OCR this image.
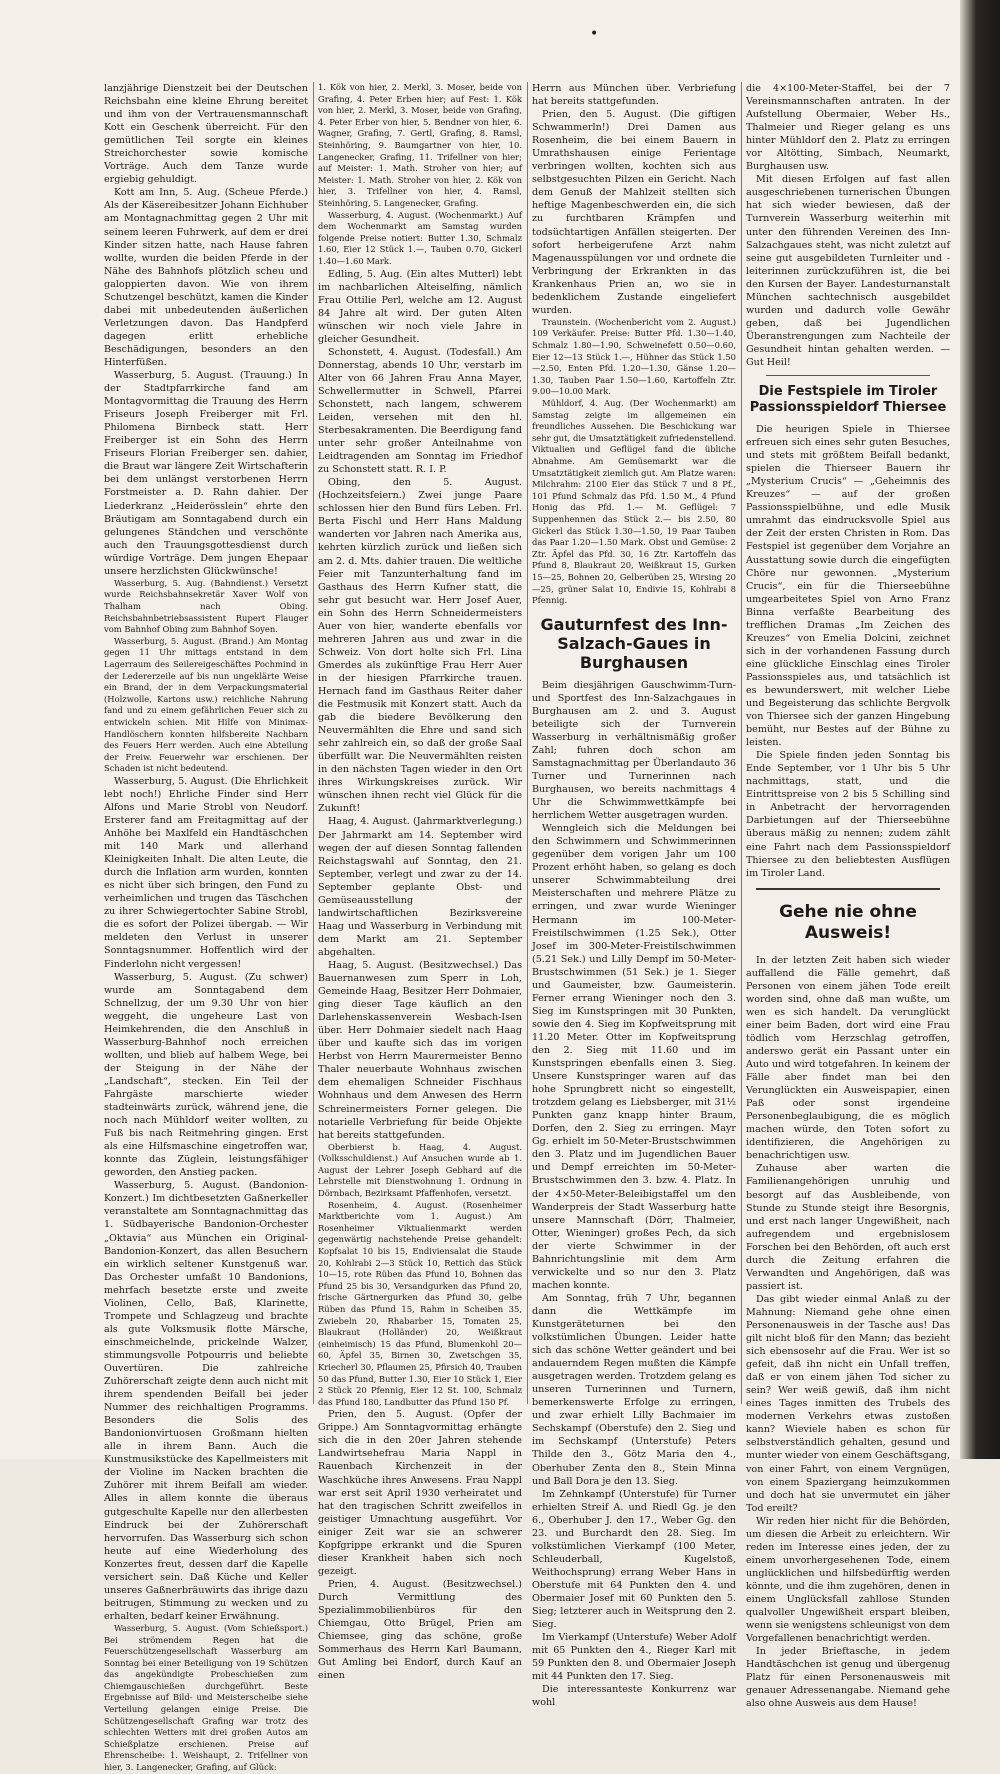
•

lanzjährige Dienstzeit bei der Deutschen Reichsbahn eine kleine Ehrung bereitet und ihm von der Vertrauensmannschaft Kott ein Geschenk überreicht. Für den gemütlichen Teil sorgte ein kleines Streichorchester sowie komische Vorträge. Auch dem Tanze wurde ergiebig gehuldigt.

Kott am Inn, 5. Aug. (Scheue Pferde.) Als der Käsereibesitzer Johann Eichhuber am Montagnachmittag gegen 2 Uhr mit seinem leeren Fuhrwerk, auf dem er drei Kinder sitzen hatte, nach Hause fahren wollte, wurden die beiden Pferde in der Nähe des Bahnhofs plötzlich scheu und galoppierten davon. Wie von ihrem Schutzengel beschützt, kamen die Kinder dabei mit unbedeutenden äußerlichen Verletzungen davon. Das Handpferd dagegen erlitt erhebliche Beschädigungen, besonders an den Hinterfüßen.

Wasserburg, 5. August. (Trauung.) In der Stadtpfarrkirche fand am Montagvormittag die Trauung des Herrn Friseurs Joseph Freiberger mit Frl. Philomena Birnbeck statt. Herr Freiberger ist ein Sohn des Herrn Friseurs Florian Freiberger sen. dahier, die Braut war längere Zeit Wirtschafterin bei dem unlängst verstorbenen Herrn Forstmeister a. D. Rahn dahier. Der Liederkranz „Heiderösslein“ ehrte den Bräutigam am Sonntagabend durch ein gelungenes Ständchen und verschönte auch den Trauungsgottesdienst durch würdige Vorträge. Dem jungen Ehepaar unsere herzlichsten Glückwünsche!

Wasserburg, 5. Aug. (Bahndienst.) Versetzt wurde Reichsbahnsekretär Xaver Wolf von Thalham nach Obing. Reichsbahnbetriebsassistent Rupert Flauger vom Bahnhof Obing zum Bahnhof Soyen.

Wasserburg, 5. August. (Brand.) Am Montag gegen 11 Uhr mittags entstand in dem Lagerraum des Seilereigeschäftes Pochmind in der Ledererzeile auf bis nun ungeklärte Weise ein Brand, der in dem Verpackungsmaterial (Holzwolle, Kartons usw.) reichliche Nahrung fand und zu einem gefährlichen Feuer sich zu entwickeln schien. Mit Hilfe von Minimax-Handlöschern konnten hilfsbereite Nachbarn des Feuers Herr werden. Auch eine Abteilung der Freiw. Feuerwehr war erschienen. Der Schaden ist nicht bedeutend.

Wasserburg, 5. August. (Die Ehrlichkeit lebt noch!) Ehrliche Finder sind Herr Alfons und Marie Strobl von Neudorf. Ersterer fand am Freitagmittag auf der Anhöhe bei Maxlfeld ein Handtäschchen mit 140 Mark und allerhand Kleinigkeiten Inhalt. Die alten Leute, die durch die Inflation arm wurden, konnten es nicht über sich bringen, den Fund zu verheimlichen und trugen das Täschchen zu ihrer Schwiegertochter Sabine Strobl, die es sofort der Polizei übergab. — Wir meldeten den Verlust in unserer Sonntagsnummer. Hoffentlich wird der Finderlohn nicht vergessen!

Wasserburg, 5. August. (Zu schwer) wurde am Sonntagabend dem Schnellzug, der um 9.30 Uhr von hier weggeht, die ungeheure Last von Heimkehrenden, die den Anschluß in Wasserburg-Bahnhof noch erreichen wollten, und blieb auf halbem Wege, bei der Steigung in der Nähe der „Landschaft“, stecken. Ein Teil der Fahrgäste marschierte wieder stadteinwärts zurück, während jene, die noch nach Mühldorf weiter wollten, zu Fuß bis nach Reitmehring gingen. Erst als eine Hilfsmaschine eingetroffen war, konnte das Züglein, leistungsfähiger geworden, den Anstieg packen.

Wasserburg, 5. August. (Bandonion-Konzert.) Im dichtbesetzten Gaßnerkeller veranstaltete am Sonntagnachmittag das 1. Südbayerische Bandonion-Orchester „Oktavia“ aus München ein Original-Bandonion-Konzert, das allen Besuchern ein wirklich seltener Kunstgenuß war. Das Orchester umfaßt 10 Bandonions, mehrfach besetzte erste und zweite Violinen, Cello, Baß, Klarinette, Trompete und Schlagzeug und brachte als gute Volksmusik flotte Märsche, einschmeichelnde, prickelnde Walzer, stimmungsvolle Potpourris und beliebte Ouvertüren. Die zahlreiche Zuhörerschaft zeigte denn auch nicht mit ihrem spendenden Beifall bei jeder Nummer des reichhaltigen Programms. Besonders die Solis des Bandonionvirtuosen Großmann hielten alle in ihrem Bann. Auch die Kunstmusikstücke des Kapellmeisters mit der Violine im Nacken brachten die Zuhörer mit ihrem Beifall am wieder. Alles in allem konnte die überaus gutgeschulte Kapelle nur den allerbesten Eindruck bei der Zuhörerschaft hervorrufen. Das Wasserburg sich schon heute auf eine Wiederholung des Konzertes freut, dessen darf die Kapelle versichert sein. Daß Küche und Keller unseres Gaßnerbräuwirts das ihrige dazu beitrugen, Stimmung zu wecken und zu erhalten, bedarf keiner Erwähnung.

Wasserburg, 5. August. (Vom Schießsport.) Bei strömendem Regen hat die Feuerschützengesellschaft Wasserburg am Sonntag bei einer Beteiligung von 19 Schützen das angekündigte Probeschießen zum Chiemgauschießen durchgeführt. Beste Ergebnisse auf Bild- und Meisterscheibe siehe Verteilung gelangen einige Preise. Die Schützengesellschaft Grafing war trotz des schlechten Wetters mit drei großen Autos am Schießplatze erschienen. Preise auf Ehrenscheibe: 1. Weishaupt, 2. Trifellner von hier, 3. Langenecker, Grafing, auf Glück:

1. Kök von hier, 2. Merkl, 3. Moser, beide von Grafing, 4. Peter Erben hier; auf Fest: 1. Kök von hier, 2. Merkl, 3. Moser, beide von Grafing, 4. Peter Erber von hier, 5. Bendner von hier, 6. Wagner, Grafing, 7. Gertl, Grafing, 8. Ramsl, Steinhöring, 9. Baumgartner von hier, 10. Langenecker, Grafing, 11. Trifellner von hier; auf Meister: 1. Math. Stroher von hier; auf Meister: 1. Math. Stroher von hier, 2. Kök von hier, 3. Trifellner von hier, 4. Ramsl, Steinhöring, 5. Langenecker, Grafing.

Wasserburg, 4. August. (Wochenmarkt.) Auf dem Wochenmarkt am Samstag wurden folgende Preise notiert: Butter 1.30, Schmalz 1.60, Eier 12 Stück 1.—, Tauben 0.70, Gickerl 1.40—1.60 Mark.

Edling, 5. Aug. (Ein altes Mutterl) lebt im nachbarlichen Alteiselfing, nämlich Frau Ottilie Perl, welche am 12. August 84 Jahre alt wird. Der guten Alten wünschen wir noch viele Jahre in gleicher Gesundheit.

Schonstett, 4. August. (Todesfall.) Am Donnerstag, abends 10 Uhr, verstarb im Alter von 66 Jahren Frau Anna Mayer, Schwellermutter in Schwell, Pfarrei Schonstett, nach langem, schwerem Leiden, versehen mit den hl. Sterbesakramenten. Die Beerdigung fand unter sehr großer Anteilnahme von Leidtragenden am Sonntag im Friedhof zu Schonstett statt. R. I. P.

Obing, den 5. August. (Hochzeitsfeiern.) Zwei junge Paare schlossen hier den Bund fürs Leben. Frl. Berta Fischl und Herr Hans Maldung wanderten vor Jahren nach Amerika aus, kehrten kürzlich zurück und ließen sich am 2. d. Mts. dahier trauen. Die weltliche Feier mit Tanzunterhaltung fand im Gasthaus des Herrn Kufner statt, die sehr gut besucht war. Herr Josef Auer, ein Sohn des Herrn Schneidermeisters Auer von hier, wanderte ebenfalls vor mehreren Jahren aus und zwar in die Schweiz. Von dort holte sich Frl. Lina Gmerdes als zukünftige Frau Herr Auer in der hiesigen Pfarrkirche trauen. Hernach fand im Gasthaus Reiter daher die Festmusik mit Konzert statt. Auch da gab die biedere Bevölkerung den Neuvermählten die Ehre und sand sich sehr zahlreich ein, so daß der große Saal überfüllt war. Die Neuvermählten reisten in den nächsten Tagen wieder in den Ort ihres Wirkungskreises zurück. Wir wünschen ihnen recht viel Glück für die Zukunft!

Haag, 4. August. (Jahrmarktverlegung.) Der Jahrmarkt am 14. September wird wegen der auf diesen Sonntag fallenden Reichstagswahl auf Sonntag, den 21. September, verlegt und zwar zu der 14. September geplante Obst- und Gemüseausstellung der landwirtschaftlichen Bezirksvereine Haag und Wasserburg in Verbindung mit dem Markt am 21. September abgehalten.

Haag, 5. August. (Besitzwechsel.) Das Bauernanwesen zum Sperr in Loh, Gemeinde Haag, Besitzer Herr Dohmaier, ging dieser Tage käuflich an den Darlehenskassenverein Wesbach-Isen über. Herr Dohmaier siedelt nach Haag über und kaufte sich das im vorigen Herbst von Herrn Maurermeister Benno Thaler neuerbaute Wohnhaus zwischen dem ehemaligen Schneider Fischhaus Wohnhaus und dem Anwesen des Herrn Schreinermeisters Forner gelegen. Die notarielle Verbriefung für beide Objekte hat bereits stattgefunden.

Oberbierst b. Haag, 4. August. (Volksschuldienst.) Auf Ansuchen wurde ab 1. August der Lehrer Joseph Gebhard auf die Lehrstelle mit Dienstwohnung 1. Ordnung in Dörnbach, Bezirksamt Pfaffenhofen, versetzt.

Rosenheim, 4. August. (Rosenheimer Marktberichte vom 1. August.) Am Rosenheimer Viktualienmarkt werden gegenwärtig nachstehende Preise gehandelt: Kopfsalat 10 bis 15, Endiviensalat die Staude 20, Kohlrabi 2—3 Stück 10, Rettich das Stück 10—15, rote Rüben das Pfund 10, Bohnen das Pfund 25 bis 30, Versandgurken das Pfund 20, frische Gärtnergurken das Pfund 30, gelbe Rüben das Pfund 15, Rahm in Scheiben 35, Zwiebeln 20, Rhabarber 15, Tomaten 25, Blaukraut (Holländer) 20, Weißkraut (einheimisch) 15 das Pfund, Blumenkohl 20—60, Äpfel 35, Birnen 30, Zwetschgen 35, Kriecherl 30, Pflaumen 25, Pfirsich 40, Trauben 50 das Pfund, Butter 1.30, Eier 10 Stück 1, Eier 2 Stück 20 Pfennig, Eier 12 St. 100, Schmalz das Pfund 180, Landbutter das Pfund 150 Pf.

Prien, den 5. August. (Opfer der Grippe.) Am Sonntagvormittag erhängte sich die in den 20er Jahren stehende Landwirtsehefrau Maria Nappl in Rauenbach Kirchenzeit in der Waschküche ihres Anwesens. Frau Nappl war erst seit April 1930 verheiratet und hat den tragischen Schritt zweifellos in geistiger Umnachtung ausgeführt. Vor einiger Zeit war sie an schwerer Kopfgrippe erkrankt und die Spuren dieser Krankheit haben sich noch gezeigt.

Prien, 4. August. (Besitzwechsel.) Durch Vermittlung des Spezialimmobilienbüros für den Chiemgau, Otto Brügel, Prien am Chiemsee, ging das schöne, große Sommerhaus des Herrn Karl Baumann, Gut Amling bei Endorf, durch Kauf an einen

Herrn aus München über. Verbriefung hat bereits stattgefunden.

Prien, den 5. August. (Die giftigen Schwammerln!) Drei Damen aus Rosenheim, die bei einem Bauern in Umrathshausen einige Ferientage verbringen wollten, kochten sich aus selbstgesuchten Pilzen ein Gericht. Nach dem Genuß der Mahlzeit stellten sich heftige Magenbeschwerden ein, die sich zu furchtbaren Krämpfen und todsüchtartigen Anfällen steigerten. Der sofort herbeigerufene Arzt nahm Magenausspülungen vor und ordnete die Verbringung der Erkrankten in das Krankenhaus Prien an, wo sie in bedenklichem Zustande eingeliefert wurden.

Traunstein. (Wochenbericht vom 2. August.) 109 Verkäufer. Preise: Butter Pfd. 1.30—1.40, Schmalz 1.80—1.90, Schweinefett 0.50—0.60, Eier 12—13 Stück 1.—, Hühner das Stück 1.50—2.50, Enten Pfd. 1.20—1.30, Gänse 1.20—1.30, Tauben Paar 1.50—1.60, Kartoffeln Ztr. 9.00—10.00 Mark.

Mühldorf, 4. Aug. (Der Wochenmarkt) am Samstag zeigte im allgemeinen ein freundliches Aussehen. Die Beschickung war sehr gut, die Umsatztätigkeit zufriedenstellend. Viktualien und Geflügel fand die übliche Abnahme. Am Gemüsemarkt war die Umsatztätigkeit ziemlich gut. Am Platze waren: Milchrahm: 2100 Eier das Stück 7 und 8 Pf., 101 Pfund Schmalz das Pfd. 1.50 M., 4 Pfund Honig das Pfd. 1.— M. Geflügel: 7 Suppenhennen das Stück 2.— bis 2.50, 80 Gickerl das Stück 1.30—1.50, 19 Paar Tauben das Paar 1.20—1.50 Mark. Obst und Gemüse: 2 Ztr. Äpfel das Pfd. 30, 16 Ztr. Kartoffeln das Pfund 8, Blaukraut 20, Weißkraut 15, Gurken 15—25, Bohnen 20, Gelberüben 25, Wirsing 20—25, grüner Salat 10, Endivie 15, Kohlrabi 8 Pfennig.

Gauturnfest des Inn-Salzach-Gaues in Burghausen

Beim diesjährigen Gauschwimm-Turn- und Sportfest des Inn-Salzachgaues in Burghausen am 2. und 3. August beteiligte sich der Turnverein Wasserburg in verhältnismäßig großer Zahl; fuhren doch schon am Samstagnachmittag per Überlandauto 36 Turner und Turnerinnen nach Burghausen, wo bereits nachmittags 4 Uhr die Schwimmwettkämpfe bei herrlichem Wetter ausgetragen wurden.

Wenngleich sich die Meldungen bei den Schwimmern und Schwimmerinnen gegenüber dem vorigen Jahr um 100 Prozent erhöht haben, so gelang es doch unserer Schwimmabteilung drei Meisterschaften und mehrere Plätze zu erringen, und zwar wurde Wieninger Hermann im 100-Meter-Freistilschwimmen (1.25 Sek.), Otter Josef im 300-Meter-Freistilschwimmen (5.21 Sek.) und Lilly Dempf im 50-Meter-Brustschwimmen (51 Sek.) je 1. Sieger und Gaumeister, bzw. Gaumeisterin. Ferner errang Wieninger noch den 3. Sieg im Kunstspringen mit 30 Punkten, sowie den 4. Sieg im Kopfweitsprung mit 11.20 Meter. Otter im Kopfweitsprung den 2. Sieg mit 11.60 und im Kunstspringen ebenfalls einen 3. Sieg. Unsere Kunstspringer waren auf das hohe Sprungbrett nicht so eingestellt, trotzdem gelang es Liebsberger, mit 31½ Punkten ganz knapp hinter Braum, Dorfen, den 2. Sieg zu erringen. Mayr Gg. erhielt im 50-Meter-Brustschwimmen den 3. Platz und im Jugendlichen Bauer und Dempf erreichten im 50-Meter-Brustschwimmen den 3. bzw. 4. Platz. In der 4×50-Meter-Beleibigstaffel um den Wanderpreis der Stadt Wasserburg hatte unsere Mannschaft (Dörr, Thalmeier, Otter, Wieninger) großes Pech, da sich der vierte Schwimmer in der Bahnrichtungslinie mit dem Arm verwickelte und so nur den 3. Platz machen konnte.

Am Sonntag, früh 7 Uhr, begannen dann die Wettkämpfe im Kunstgeräteturnen bei den volkstümlichen Übungen. Leider hatte sich das schöne Wetter geändert und bei andauerndem Regen mußten die Kämpfe ausgetragen werden. Trotzdem gelang es unseren Turnerinnen und Turnern, bemerkenswerte Erfolge zu erringen, und zwar erhielt Lilly Bachmaier im Sechskampf (Oberstufe) den 2. Sieg und im Sechskampf (Unterstufe) Peters Thilde den 3., Götz Maria den 4., Oberhuber Zenta den 8., Stein Minna und Ball Dora je den 13. Sieg.

Im Zehnkampf (Unterstufe) für Turner erhielten Streif A. und Riedl Gg. je den 6., Oberhuber J. den 17., Weber Gg. den 23. und Burchardt den 28. Sieg. Im volkstümlichen Vierkampf (100 Meter, Schleuderball, Kugelstoß, Weithochsprung) errang Weber Hans in Oberstufe mit 64 Punkten den 4. und Obermaier Josef mit 60 Punkten den 5. Sieg; letzterer auch in Weitsprung den 2. Sieg.

Im Vierkampf (Unterstufe) Weber Adolf mit 65 Punkten den 4., Rieger Karl mit 59 Punkten den 8. und Obermaier Joseph mit 44 Punkten den 17. Sieg.

Die interessanteste Konkurrenz war wohl

die 4×100-Meter-Staffel, bei der 7 Vereinsmannschaften antraten. In der Aufstellung Obermaier, Weber Hs., Thalmeier und Rieger gelang es uns hinter Mühldorf den 2. Platz zu erringen vor Altötting, Simbach, Neumarkt, Burghausen usw.

Mit diesen Erfolgen auf fast allen ausgeschriebenen turnerischen Übungen hat sich wieder bewiesen, daß der Turnverein Wasserburg weiterhin mit unter den führenden Vereinen des Inn-Salzachgaues steht, was nicht zuletzt auf seine gut ausgebildeten Turnleiter und -leiterinnen zurückzuführen ist, die bei den Kursen der Bayer. Landesturnanstalt München sachtechnisch ausgebildet wurden und dadurch volle Gewähr geben, daß bei Jugendlichen Überanstrengungen zum Nachteile der Gesundheit hintan gehalten werden. — Gut Heil!

Die Festspiele im Tiroler Passionsspieldorf Thiersee

Die heurigen Spiele in Thiersee erfreuen sich eines sehr guten Besuches, und stets mit größtem Beifall bedankt, spielen die Thierseer Bauern ihr „Mysterium Crucis“ — „Geheimnis des Kreuzes“ — auf der großen Passionsspielbühne, und edle Musik umrahmt das eindrucksvolle Spiel aus der Zeit der ersten Christen in Rom. Das Festspiel ist gegenüber dem Vorjahre an Ausstattung sowie durch die eingefügten Chöre nur gewonnen. „Mysterium Crucis“, ein für die Thierseebühne umgearbeitetes Spiel von Arno Franz Binna verfaßte Bearbeitung des trefflichen Dramas „Im Zeichen des Kreuzes“ von Emelia Dolcini, zeichnet sich in der vorhandenen Fassung durch eine glückliche Einschlag eines Tiroler Passionsspieles aus, und tatsächlich ist es bewunderswert, mit welcher Liebe und Begeisterung das schlichte Bergvolk von Thiersee sich der ganzen Hingebung bemüht, nur Bestes auf der Bühne zu leisten.

Die Spiele finden jeden Sonntag bis Ende September, vor 1 Uhr bis 5 Uhr nachmittags, statt, und die Eintrittspreise von 2 bis 5 Schilling sind in Anbetracht der hervorragenden Darbietungen auf der Thierseebühne überaus mäßig zu nennen; zudem zählt eine Fahrt nach dem Passionsspieldorf Thiersee zu den beliebtesten Ausflügen im Tiroler Land.

Gehe nie ohne Ausweis!

In der letzten Zeit haben sich wieder auffallend die Fälle gemehrt, daß Personen von einem jähen Tode ereilt worden sind, ohne daß man wußte, um wen es sich handelt. Da verunglückt einer beim Baden, dort wird eine Frau tödlich vom Herzschlag getroffen, anderswo gerät ein Passant unter ein Auto und wird totgefahren. In keinem der Fälle aber findet man bei den Verunglückten ein Ausweispapier, einen Paß oder sonst irgendeine Personenbeglaubigung, die es möglich machen würde, den Toten sofort zu identifizieren, die Angehörigen zu benachrichtigen usw.

Zuhause aber warten die Familienangehörigen unruhig und besorgt auf das Ausbleibende, von Stunde zu Stunde steigt ihre Besorgnis, und erst nach langer Ungewißheit, nach aufregendem und ergebnislosem Forschen bei den Behörden, oft auch erst durch die Zeitung erfahren die Verwandten und Angehörigen, daß was passiert ist.

Das gibt wieder einmal Anlaß zu der Mahnung: Niemand gehe ohne einen Personenausweis in der Tasche aus! Das gilt nicht bloß für den Mann; das bezieht sich ebensosehr auf die Frau. Wer ist so gefeit, daß ihn nicht ein Unfall treffen, daß er von einem jähen Tod sicher zu sein? Wer weiß gewiß, daß ihm nicht eines Tages inmitten des Trubels des modernen Verkehrs etwas zustoßen kann? Wieviele haben es schon für selbstverständlich gehalten, gesund und munter wieder von einem Geschäftsgang, von einer Fahrt, von einem Vergnügen, von einem Spaziergang heimzukommen und doch hat sie unvermutet ein jäher Tod ereilt?

Wir reden hier nicht für die Behörden, um diesen die Arbeit zu erleichtern. Wir reden im Interesse eines jeden, der zu einem unvorhergesehenen Tode, einem unglücklichen und hilfsbedürftig werden könnte, und die ihm zugehören, denen in einem Unglücksfall zahllose Stunden qualvoller Ungewißheit erspart bleiben, wenn sie wenigstens schleunigst von dem Vorgefallenen benachrichtigt werden.

In jeder Brieftasche, in jedem Handtäschchen ist genug und übergenug Platz für einen Personenausweis mit genauer Adressenangabe. Niemand gehe also ohne Ausweis aus dem Hause!
